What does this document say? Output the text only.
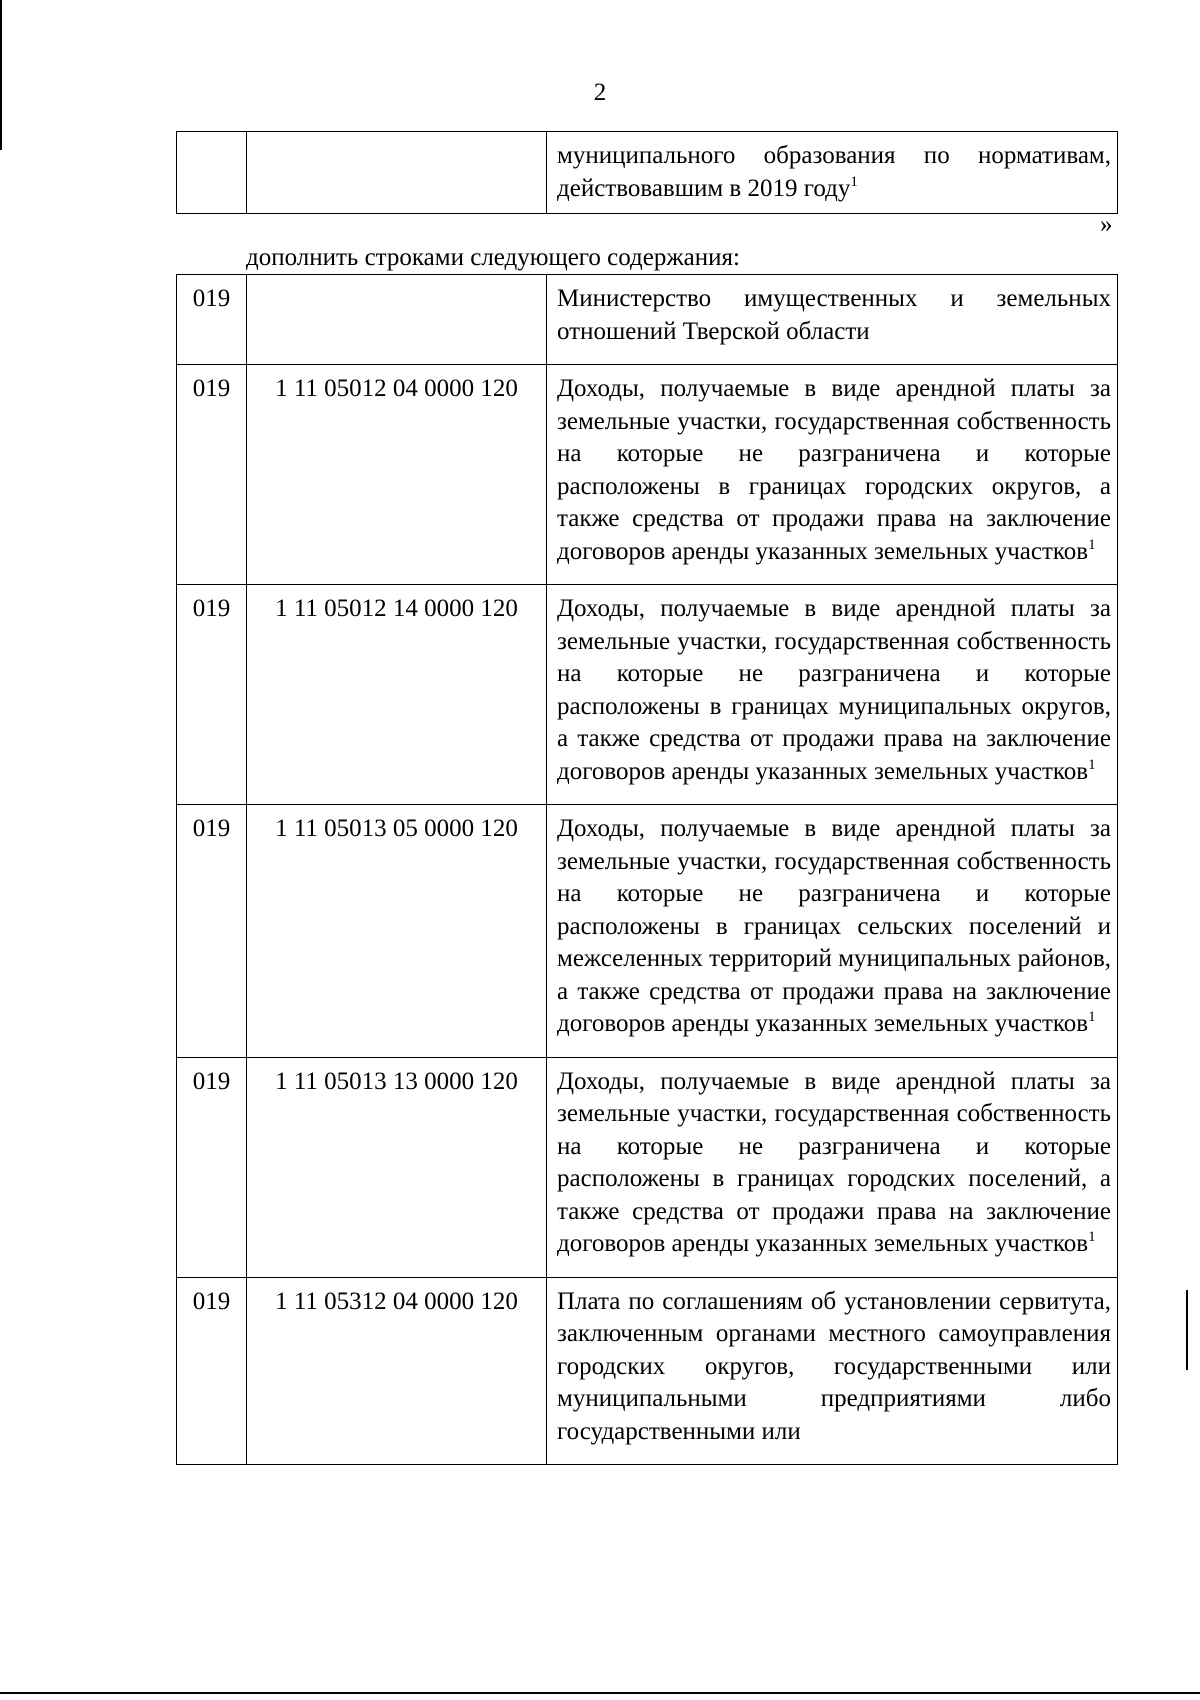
2
		муниципального образования по нормативам, действовавшим в 2019 году$^1$
»
дополнить строками следующего содержания:
019		Министерство имущественных и земельных отношений Тверской области
019	1 11 05012 04 0000 120	Доходы, получаемые в виде арендной платы за земельные участки, государственная собственность на которые не разграничена и которые расположены в границах городских округов, а также средства от продажи права на заключение договоров аренды указанных земельных участков$^1$
019	1 11 05012 14 0000 120	Доходы, получаемые в виде арендной платы за земельные участки, государственная собственность на которые не разграничена и которые расположены в границах муниципальных округов, а также средства от продажи права на заключение договоров аренды указанных земельных участков$^1$
019	1 11 05013 05 0000 120	Доходы, получаемые в виде арендной платы за земельные участки, государственная собственность на которые не разграничена и которые расположены в границах сельских поселений и межселенных территорий муниципальных районов, а также средства от продажи права на заключение договоров аренды указанных земельных участков$^1$
019	1 11 05013 13 0000 120	Доходы, получаемые в виде арендной платы за земельные участки, государственная собственность на которые не разграничена и которые расположены в границах городских поселений, а также средства от продажи права на заключение договоров аренды указанных земельных участков$^1$
019	1 11 05312 04 0000 120	Плата по соглашениям об установлении сервитута, заключенным органами местного самоуправления городских округов, государственными или муниципальными предприятиями либо государственными или
